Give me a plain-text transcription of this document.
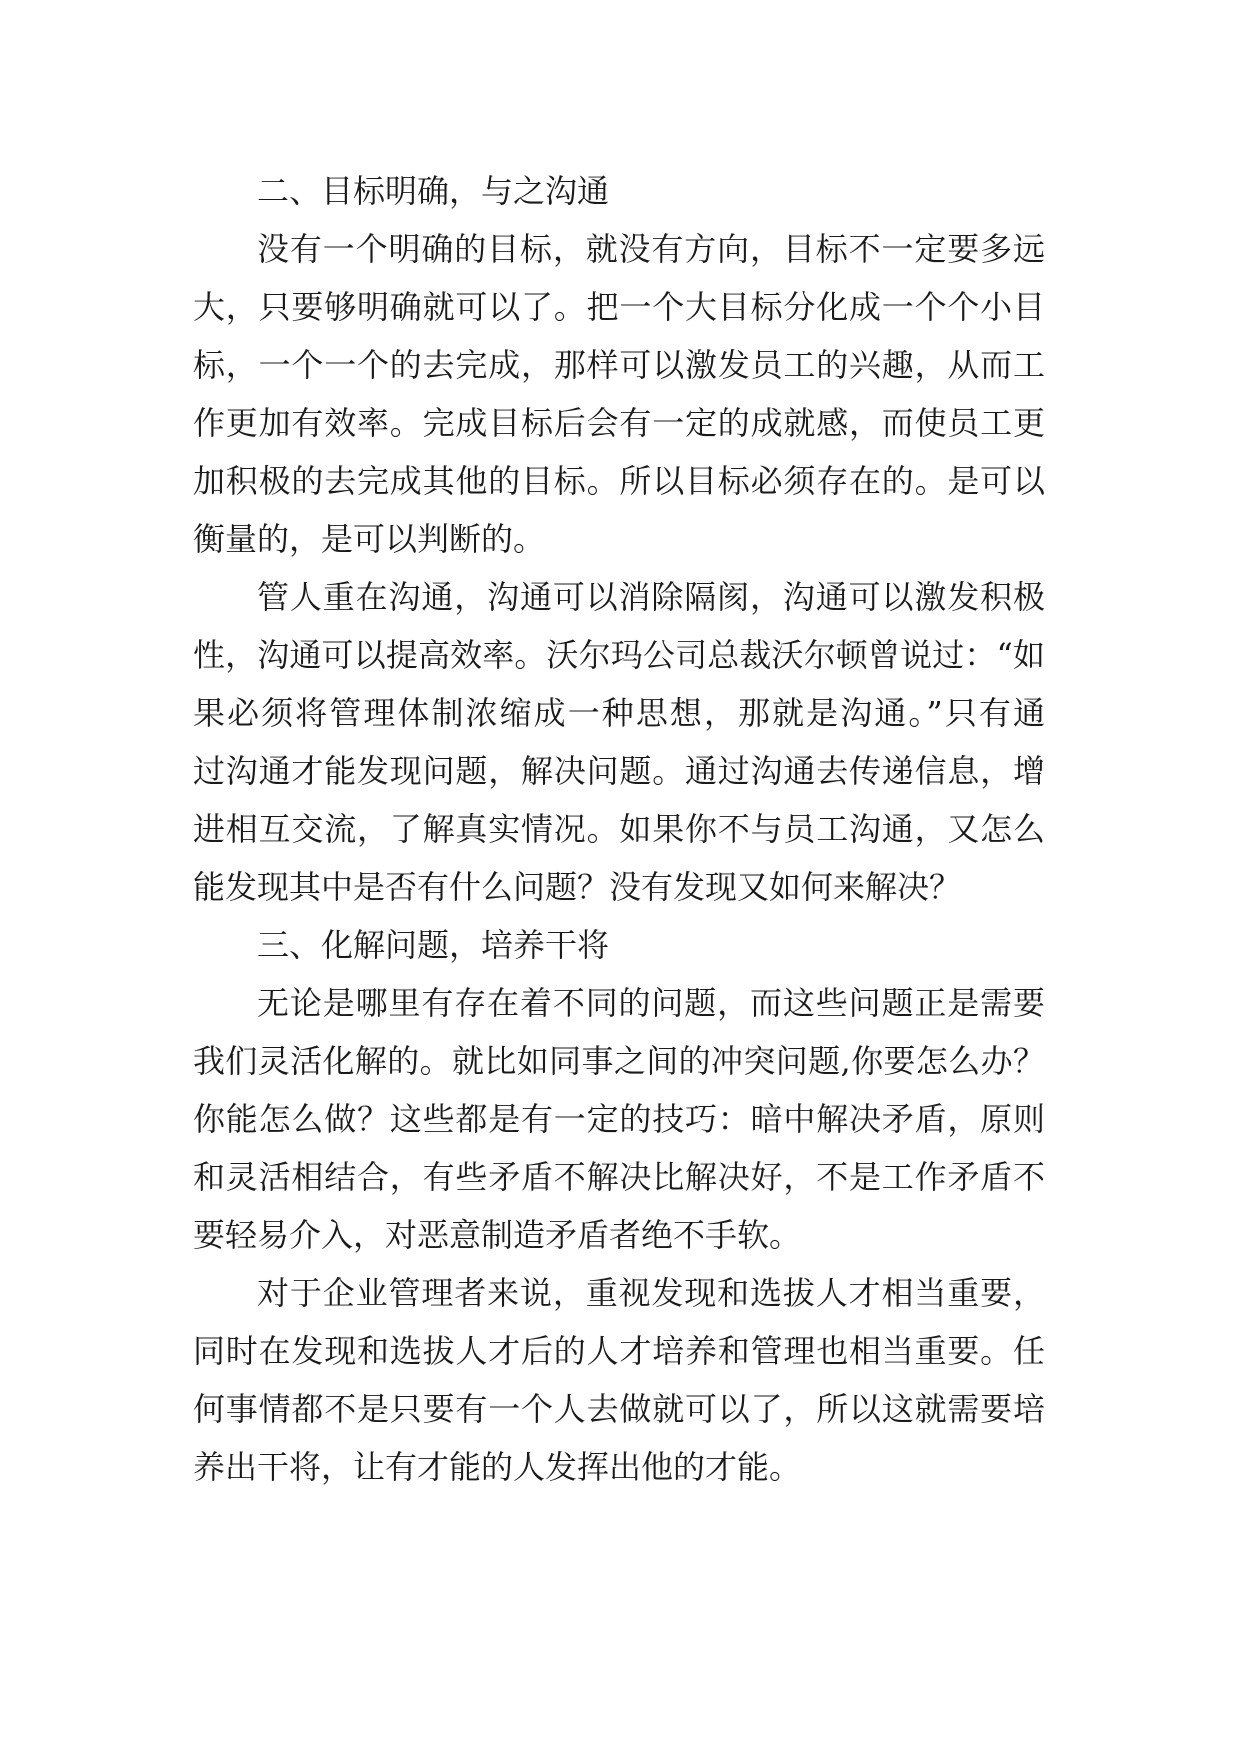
二、目标明确，与之沟通
没有一个明确的目标，就没有方向，目标不一定要多远
大，只要够明确就可以了。把一个大目标分化成一个个小目
标，一个一个的去完成，那样可以激发员工的兴趣，从而工
作更加有效率。完成目标后会有一定的成就感，而使员工更
加积极的去完成其他的目标。所以目标必须存在的。是可以
衡量的，是可以判断的。
管人重在沟通，沟通可以消除隔阂，沟通可以激发积极
性，沟通可以提高效率。沃尔玛公司总裁沃尔顿曾说过：“如
果必须将管理体制浓缩成一种思想，那就是沟通。”只有通
过沟通才能发现问题，解决问题。通过沟通去传递信息，增
进相互交流，了解真实情况。如果你不与员工沟通，又怎么
能发现其中是否有什么问题？没有发现又如何来解决？
三、化解问题，培养干将
无论是哪里有存在着不同的问题，而这些问题正是需要
我们灵活化解的。就比如同事之间的冲突问题,你要怎么办？
你能怎么做？这些都是有一定的技巧：暗中解决矛盾，原则
和灵活相结合，有些矛盾不解决比解决好，不是工作矛盾不
要轻易介入，对恶意制造矛盾者绝不手软。
对于企业管理者来说，重视发现和选拔人才相当重要，
同时在发现和选拔人才后的人才培养和管理也相当重要。任
何事情都不是只要有一个人去做就可以了，所以这就需要培
养出干将，让有才能的人发挥出他的才能。
